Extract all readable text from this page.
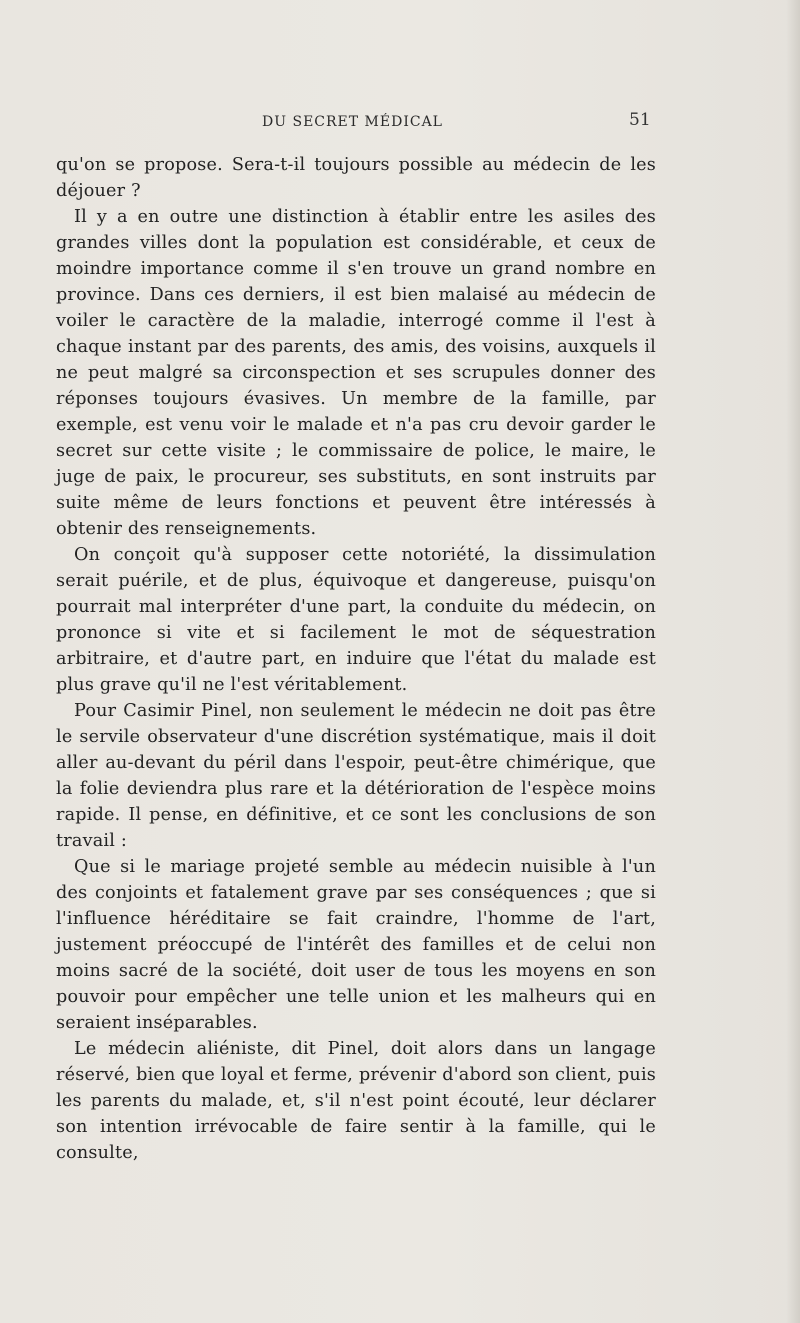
DU SECRET MÉDICAL	51

qu'on se propose. Sera-t-il toujours possible au médecin de les déjouer ?

Il y a en outre une distinction à établir entre les asiles des grandes villes dont la population est considérable, et ceux de moindre importance comme il s'en trouve un grand nombre en province. Dans ces derniers, il est bien malaisé au médecin de voiler le caractère de la maladie, interrogé comme il l'est à chaque instant par des parents, des amis, des voisins, auxquels il ne peut malgré sa circonspection et ses scrupules donner des réponses toujours évasives. Un membre de la famille, par exemple, est venu voir le malade et n'a pas cru devoir garder le secret sur cette visite ; le commissaire de police, le maire, le juge de paix, le procureur, ses substituts, en sont instruits par suite même de leurs fonctions et peuvent être intéressés à obtenir des renseignements.

On conçoit qu'à supposer cette notoriété, la dissimulation serait puérile, et de plus, équivoque et dangereuse, puisqu'on pourrait mal interpréter d'une part, la conduite du médecin, on prononce si vite et si facilement le mot de séquestration arbitraire, et d'autre part, en induire que l'état du malade est plus grave qu'il ne l'est véritablement.

Pour Casimir Pinel, non seulement le médecin ne doit pas être le servile observateur d'une discrétion systématique, mais il doit aller au-devant du péril dans l'espoir, peut-être chimérique, que la folie deviendra plus rare et la détérioration de l'espèce moins rapide. Il pense, en définitive, et ce sont les conclusions de son travail :

Que si le mariage projeté semble au médecin nuisible à l'un des conjoints et fatalement grave par ses conséquences ; que si l'influence héréditaire se fait craindre, l'homme de l'art, justement préoccupé de l'intérêt des familles et de celui non moins sacré de la société, doit user de tous les moyens en son pouvoir pour empêcher une telle union et les malheurs qui en seraient inséparables.

Le médecin aliéniste, dit Pinel, doit alors dans un langage réservé, bien que loyal et ferme, prévenir d'abord son client, puis les parents du malade, et, s'il n'est point écouté, leur déclarer son intention irrévocable de faire sentir à la famille, qui le consulte,
